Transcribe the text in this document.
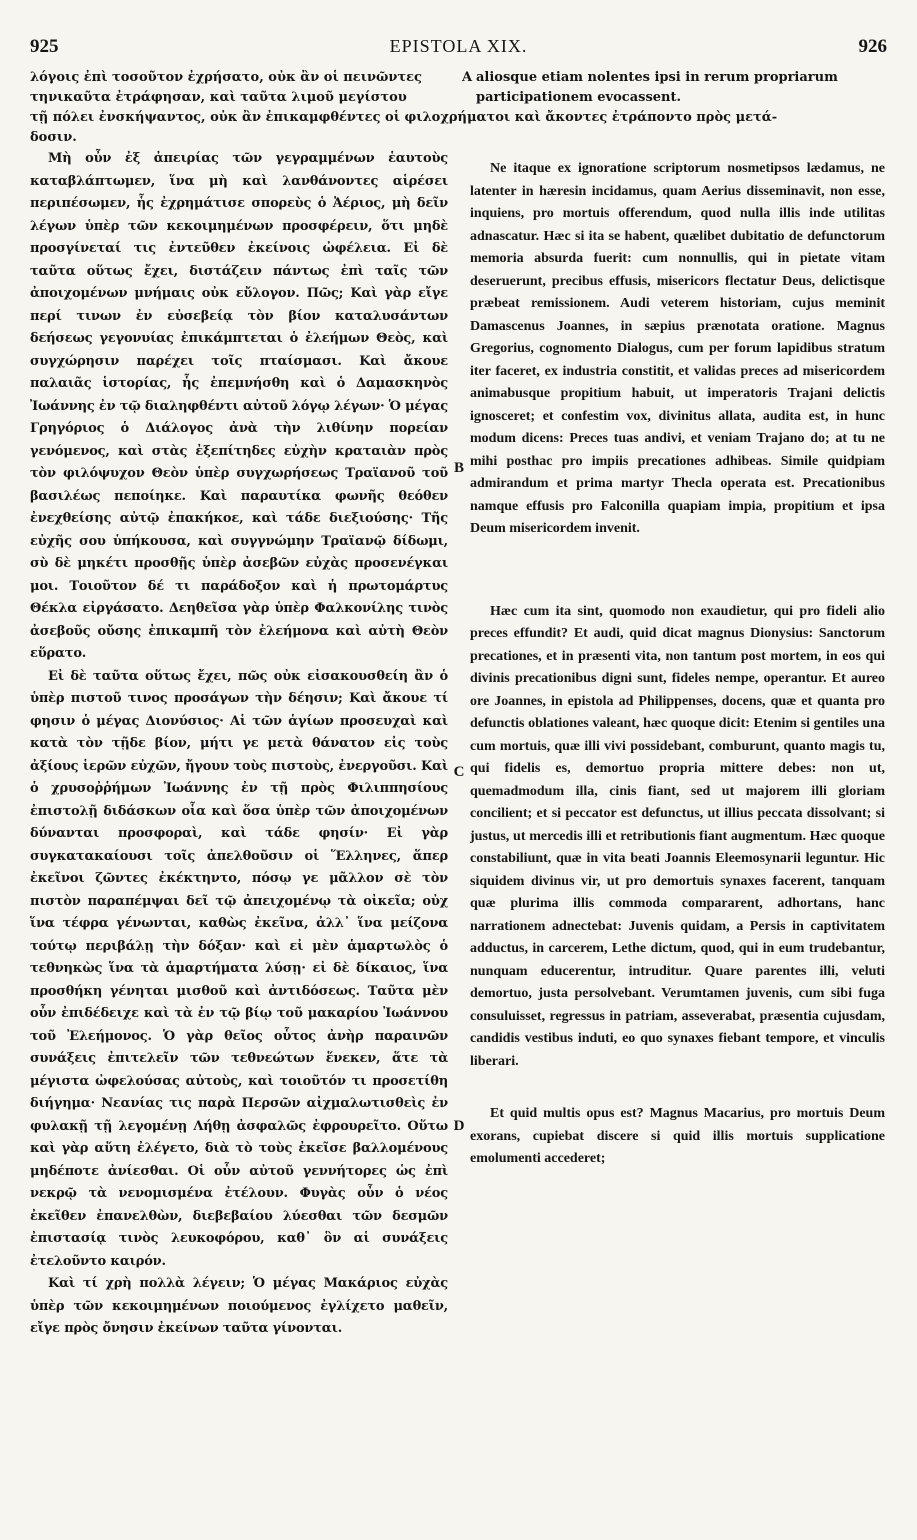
925	EPISTOLA XIX.	926
λόγοις ἐπὶ τοσοῦτον ἐχρήσατο, οὐκ ἂν οἱ πεινῶντες	A aliosque etiam nolentes ipsi in rerum propriarum
τηνικαῦτα ἐτράφησαν, καὶ ταῦτα λιμοῦ μεγίστου	participationem evocassent.
τῇ πόλει ἐνσκήψαντος, οὐκ ἂν ἐπικαμφθέντες οἱ φιλοχρήματοι καὶ ἄκοντες ἐτράποντο πρὸς μετά-
δοσιν.

Μὴ οὖν ἐξ ἀπειρίας τῶν γεγραμμένων ἑαυτοὺς καταβλάπτωμεν, ἵνα μὴ καὶ λανθάνοντες αἱρέσει περιπέσωμεν, ἧς ἐχρημάτισε σπορεὺς ὁ Ἀέριος, μὴ δεῖν λέγων ὑπὲρ τῶν κεκοιμημένων προσφέρειν, ὅτι μηδὲ προσγίνεταί τις ἐντεῦθεν ἐκείνοις ὠφέλεια. Εἰ δὲ ταῦτα οὕτως ἔχει, διστάζειν πάντως ἐπὶ ταῖς τῶν ἀποιχομένων μνήμαις οὐκ εὔλογον. Πῶς; Καὶ γὰρ εἴγε περί τινων ἐν εὐσεβείᾳ τὸν βίον καταλυσάντων δεήσεως γεγονυίας ἐπικάμπτεται ὁ ἐλεήμων Θεὸς, καὶ συγχώρησιν παρέχει τοῖς πταίσμασι. Καὶ ἄκουε παλαιᾶς ἱστορίας, ἧς ἐπεμνήσθη καὶ ὁ Δαμασκηνὸς Ἰωάννης ἐν τῷ διαληφθέντι αὐτοῦ λόγῳ λέγων· Ὁ μέγας Γρηγόριος ὁ Διάλογος ἀνὰ τὴν λιθίνην πορείαν γενόμενος, καὶ στὰς ἐξεπίτηδες εὐχὴν κραταιὰν πρὸς τὸν φιλόψυχον Θεὸν ὑπὲρ συγχωρήσεως Τραϊανοῦ τοῦ βασιλέως πεποίηκε. Καὶ παραυτίκα φωνῆς θεόθεν ἐνεχθείσης αὐτῷ ἐπακήκοε, καὶ τάδε διεξιούσης· Τῆς εὐχῆς σου ὑπήκουσα, καὶ συγγνώμην Τραϊανῷ δίδωμι, σὺ δὲ μηκέτι προσθῇς ὑπὲρ ἀσεβῶν εὐχὰς προσενέγκαι μοι. Τοιοῦτον δέ τι παράδοξον καὶ ἡ πρωτομάρτυς Θέκλα εἰργάσατο. Δεηθεῖσα γὰρ ὑπὲρ Φαλκονίλης τινὸς ἀσεβοῦς οὔσης ἐπικαμπῆ τὸν ἐλεήμονα καὶ αὐτὴ Θεὸν εὕρατο.

Εἰ δὲ ταῦτα οὕτως ἔχει, πῶς οὐκ εἰσακουσθείη ἂν ὁ ὑπὲρ πιστοῦ τινος προσάγων τὴν δέησιν; Καὶ ἄκουε τί φησιν ὁ μέγας Διονύσιος· Αἱ τῶν ἁγίων προσευχαὶ καὶ κατὰ τὸν τῇδε βίον, μήτι γε μετὰ θάνατον εἰς τοὺς ἀξίους ἱερῶν εὐχῶν, ἤγουν τοὺς πιστοὺς, ἐνεργοῦσι. Καὶ ὁ χρυσοῤῥήμων Ἰωάννης ἐν τῇ πρὸς Φιλιππησίους ἐπιστολῇ διδάσκων οἷα καὶ ὅσα ὑπὲρ τῶν ἀποιχομένων δύνανται προσφοραὶ, καὶ τάδε φησίν· Εἰ γὰρ συγκατακαίουσι τοῖς ἀπελθοῦσιν οἱ Ἕλληνες, ἅπερ ἐκεῖνοι ζῶντες ἐκέκτηντο, πόσῳ γε μᾶλλον σὲ τὸν πιστὸν παραπέμψαι δεῖ τῷ ἀπειχομένῳ τὰ οἰκεῖα; οὐχ ἵνα τέφρα γένωνται, καθὼς ἐκεῖνα, ἀλλ᾽ ἵνα μείζονα τούτῳ περιβάλῃ τὴν δόξαν· καὶ εἰ μὲν ἁμαρτωλὸς ὁ τεθνηκὼς ἵνα τὰ ἁμαρτήματα λύσῃ· εἰ δὲ δίκαιος, ἵνα προσθήκη γένηται μισθοῦ καὶ ἀντιδόσεως. Ταῦτα μὲν οὖν ἐπιδέδειχε καὶ τὰ ἐν τῷ βίῳ τοῦ μακαρίου Ἰωάννου τοῦ Ἐλεήμονος. Ὁ γὰρ θεῖος οὗτος ἀνὴρ παραινῶν συνάξεις ἐπιτελεῖν τῶν τεθνεώτων ἕνεκεν, ἅτε τὰ μέγιστα ὠφελούσας αὐτοὺς, καὶ τοιοῦτόν τι προσετίθη διήγημα· Νεανίας τις παρὰ Περσῶν αἰχμαλωτισθεὶς ἐν φυλακῇ τῇ λεγομένῃ Λήθῃ ἀσφαλῶς ἐφρουρεῖτο. Οὕτω καὶ γὰρ αὕτη ἐλέγετο, διὰ τὸ τοὺς ἐκεῖσε βαλλομένους μηδέποτε ἀνίεσθαι. Οἱ οὖν αὐτοῦ γεννήτορες ὡς ἐπὶ νεκρῷ τὰ νενομισμένα ἐτέλουν. Φυγὰς οὖν ὁ νέος ἐκεῖθεν ἐπανελθὼν, διεβεβαίου λύεσθαι τῶν δεσμῶν ἐπιστασίᾳ τινὸς λευκοφόρου, καθ᾽ ὃν αἱ συνάξεις ἐτελοῦντο καιρόν.

Καὶ τί χρὴ πολλὰ λέγειν; Ὁ μέγας Μακάριος εὐχὰς ὑπὲρ τῶν κεκοιμημένων ποιούμενος ἐγλίχετο μαθεῖν, εἴγε πρὸς ὄνησιν ἐκείνων ταῦτα γίνονται.

B
C
D

Ne itaque ex ignoratione scriptorum nosmetipsos lædamus, ne latenter in hæresin incidamus, quam Aerius disseminavit, non esse, inquiens, pro mortuis offerendum, quod nulla illis inde utilitas adnascatur. Hæc si ita se habent, quælibet dubitatio de defunctorum memoria absurda fuerit: cum nonnullis, qui in pietate vitam deseruerunt, precibus effusis, misericors flectatur Deus, delictisque præbeat remissionem. Audi veterem historiam, cujus meminit Damascenus Joannes, in sæpius prænotata oratione. Magnus Gregorius, cognomento Dialogus, cum per forum lapidibus stratum iter faceret, ex industria constitit, et validas preces ad misericordem animabusque propitium habuit, ut imperatoris Trajani delictis ignosceret; et confestim vox, divinitus allata, audita est, in hunc modum dicens: Preces tuas andivi, et veniam Trajano do; at tu ne mihi posthac pro impiis precationes adhibeas. Simile quidpiam admirandum et prima martyr Thecla operata est. Precationibus namque effusis pro Falconilla quapiam impia, propitium et ipsa Deum misericordem invenit.

Hæc cum ita sint, quomodo non exaudietur, qui pro fideli alio preces effundit? Et audi, quid dicat magnus Dionysius: Sanctorum precationes, et in præsenti vita, non tantum post mortem, in eos qui divinis precationibus digni sunt, fideles nempe, operantur. Et aureo ore Joannes, in epistola ad Philippenses, docens, quæ et quanta pro defunctis oblationes valeant, hæc quoque dicit: Etenim si gentiles una cum mortuis, quæ illi vivi possidebant, comburunt, quanto magis tu, qui fidelis es, demortuo propria mittere debes: non ut, quemadmodum illa, cinis fiant, sed ut majorem illi gloriam concilient; et si peccator est defunctus, ut illius peccata dissolvant; si justus, ut mercedis illi et retributionis fiant augmentum. Hæc quoque constabiliunt, quæ in vita beati Joannis Eleemosynarii leguntur. Hic siquidem divinus vir, ut pro demortuis synaxes facerent, tanquam quæ plurima illis commoda compararent, adhortans, hanc narrationem adnectebat: Juvenis quidam, a Persis in captivitatem adductus, in carcerem, Lethe dictum, quod, qui in eum trudebantur, nunquam educerentur, intruditur. Quare parentes illi, veluti demortuo, justa persolvebant. Verumtamen juvenis, cum sibi fuga consuluisset, regressus in patriam, asseverabat, præsentia cujusdam, candidis vestibus induti, eo quo synaxes fiebant tempore, et vinculis liberari.

Et quid multis opus est? Magnus Macarius, pro mortuis Deum exorans, cupiebat discere si quid illis mortuis supplicatione emolumenti accederet;
